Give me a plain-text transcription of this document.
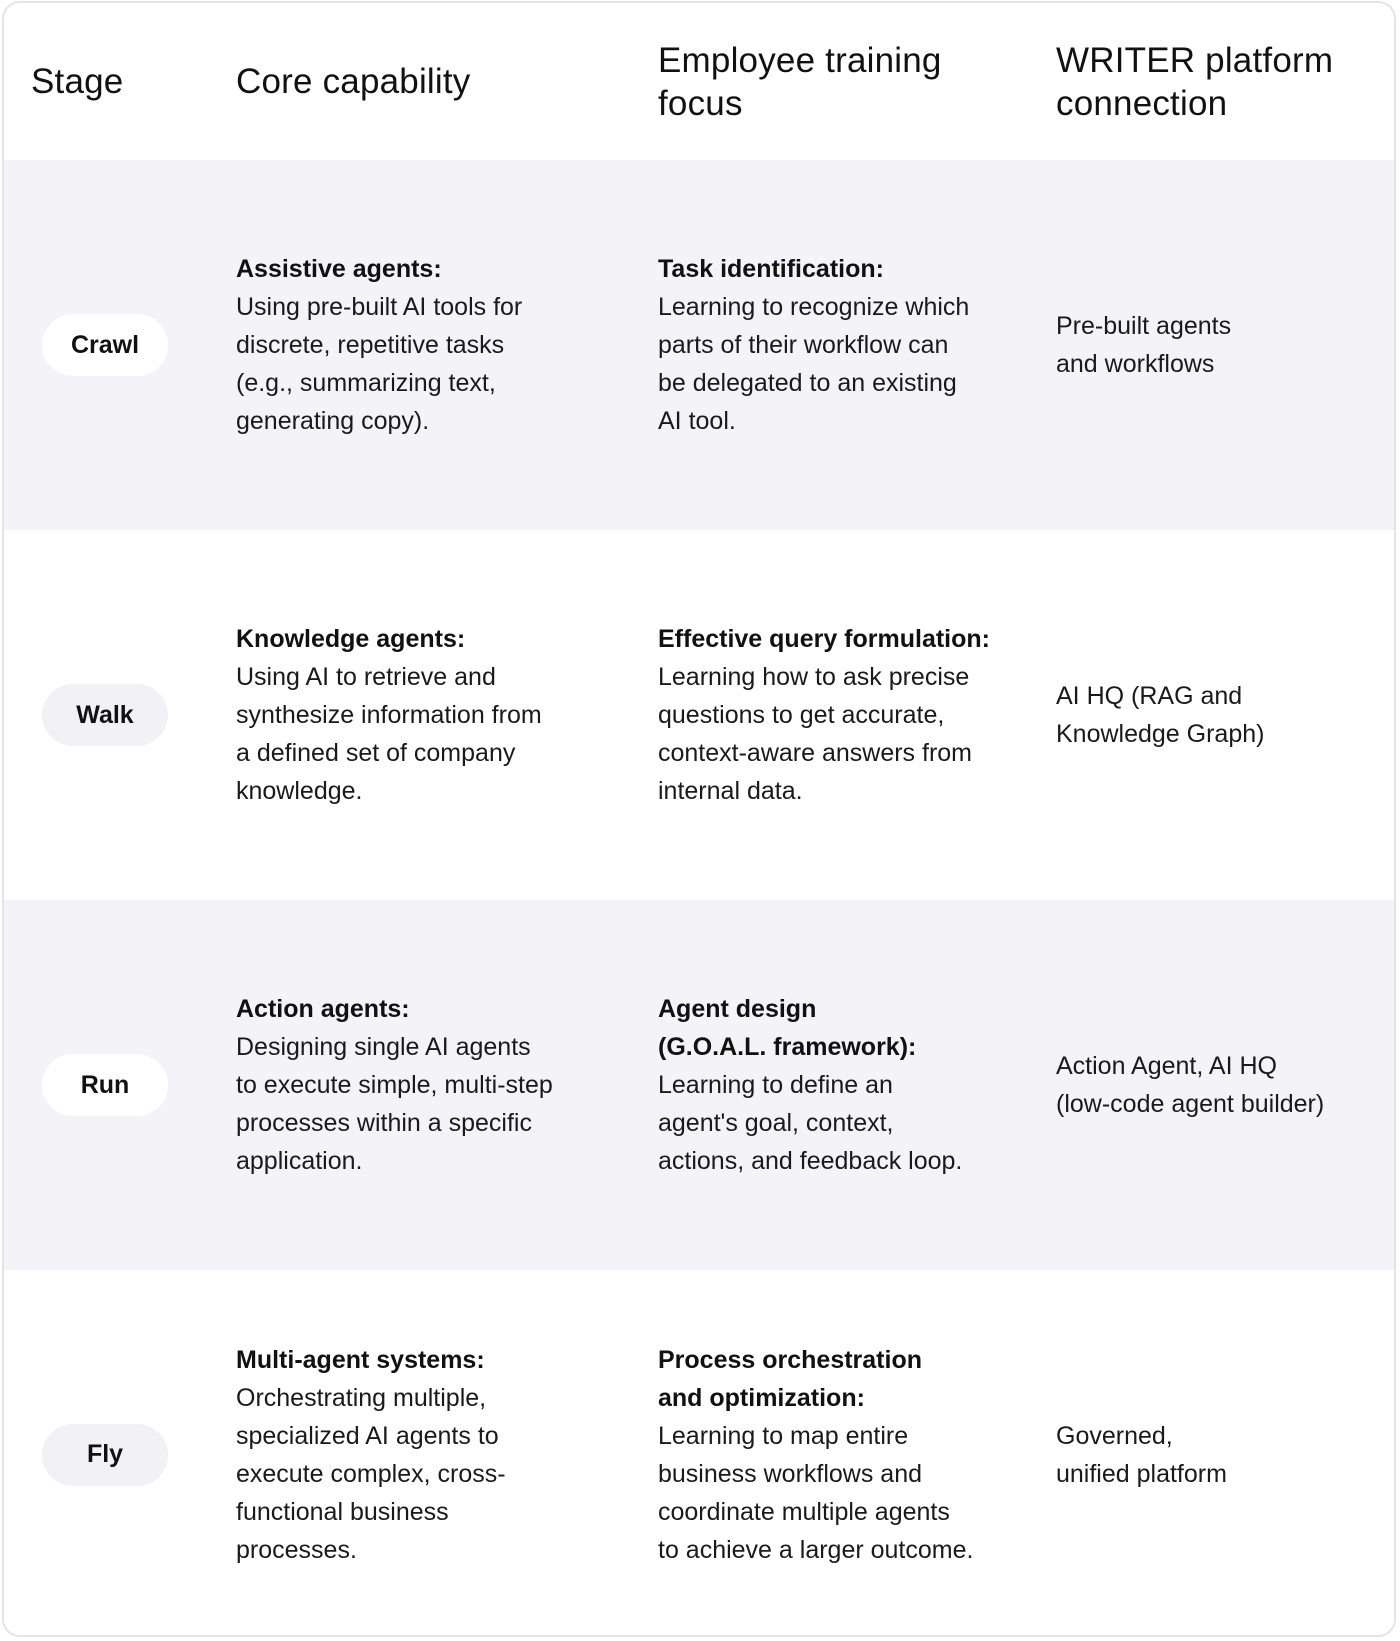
Stage	Core capability
Employee training
focus
WRITER platform
connection
Crawl
Assistive agents:
Using pre-built AI tools for
discrete, repetitive tasks
(e.g., summarizing text,
generating copy).
Task identification:
Learning to recognize which
parts of their workflow can
be delegated to an existing
AI tool.
Pre-built agents
and workflows
Walk
Knowledge agents:
Using AI to retrieve and
synthesize information from
a defined set of company
knowledge.
Effective query formulation:
Learning how to ask precise
questions to get accurate,
context-aware answers from
internal data.
AI HQ (RAG and
Knowledge Graph)
Run
Action agents:
Designing single AI agents
to execute simple, multi-step
processes within a specific
application.
Agent design
(G.O.A.L. framework):
Learning to define an
agent's goal, context,
actions, and feedback loop.
Action Agent, AI HQ
(low-code agent builder)
Fly
Multi-agent systems:
Orchestrating multiple,
specialized AI agents to
execute complex, cross-
functional business
processes.
Process orchestration
and optimization:
Learning to map entire
business workflows and
coordinate multiple agents
to achieve a larger outcome.
Governed,
unified platform
